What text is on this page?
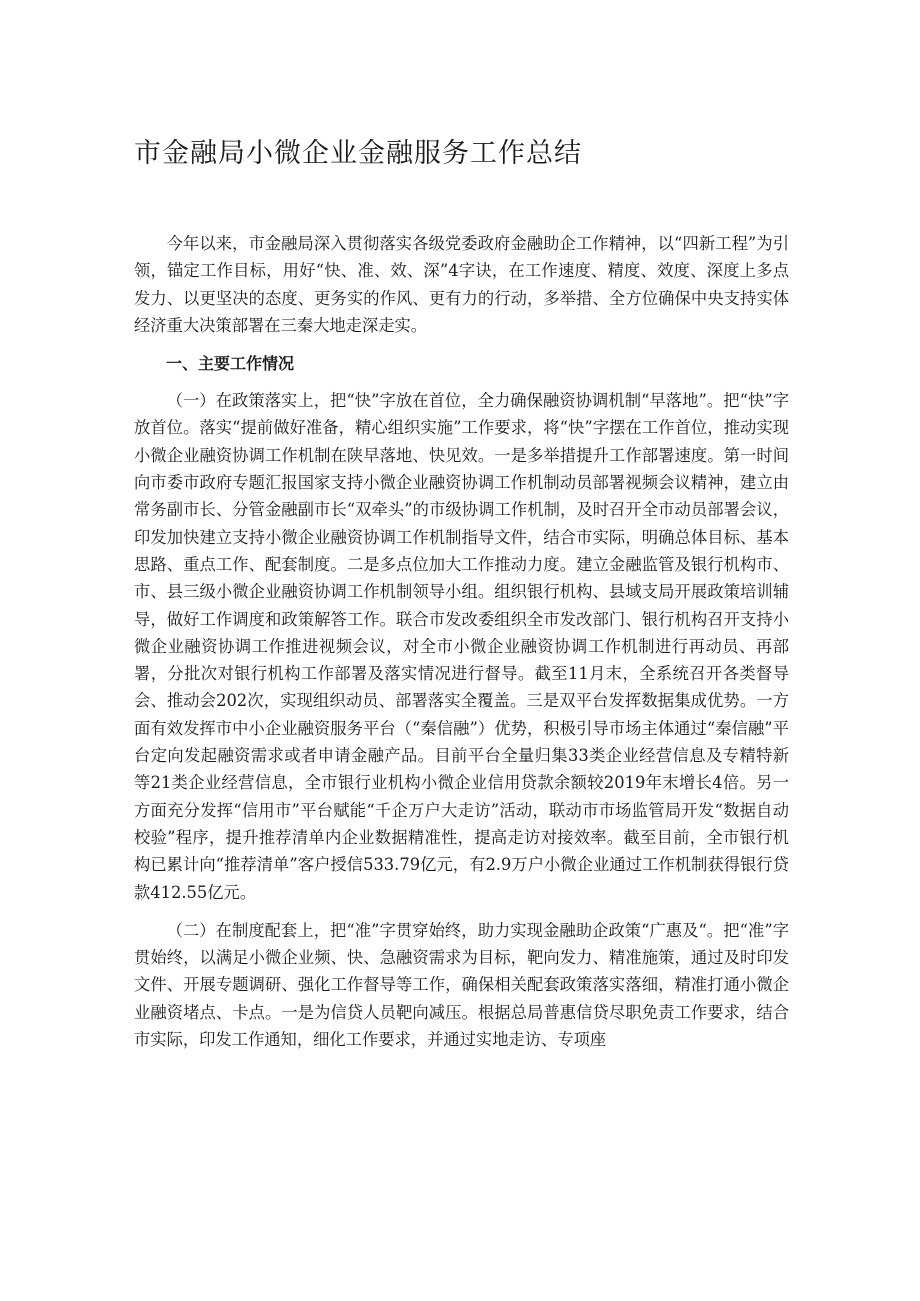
市金融局小微企业金融服务工作总结

今年以来，市金融局深入贯彻落实各级党委政府金融助企工作精神，以“四新工程”为引领，锚定工作目标，用好“快、准、效、深”4字诀，在工作速度、精度、效度、深度上多点发力、以更坚决的态度、更务实的作风、更有力的行动，多举措、全方位确保中央支持实体经济重大决策部署在三秦大地走深走实。

一、主要工作情况

（一）在政策落实上，把“快”字放在首位，全力确保融资协调机制“早落地”。把“快”字放首位。落实“提前做好准备，精心组织实施”工作要求，将“快”字摆在工作首位，推动实现小微企业融资协调工作机制在陕早落地、快见效。一是多举措提升工作部署速度。第一时间向市委市政府专题汇报国家支持小微企业融资协调工作机制动员部署视频会议精神，建立由常务副市长、分管金融副市长“双牵头”的市级协调工作机制，及时召开全市动员部署会议，印发加快建立支持小微企业融资协调工作机制指导文件，结合市实际，明确总体目标、基本思路、重点工作、配套制度。二是多点位加大工作推动力度。建立金融监管及银行机构市、市、县三级小微企业融资协调工作机制领导小组。组织银行机构、县域支局开展政策培训辅导，做好工作调度和政策解答工作。联合市发改委组织全市发改部门、银行机构召开支持小微企业融资协调工作推进视频会议，对全市小微企业融资协调工作机制进行再动员、再部署，分批次对银行机构工作部署及落实情况进行督导。截至11月末，全系统召开各类督导会、推动会202次，实现组织动员、部署落实全覆盖。三是双平台发挥数据集成优势。一方面有效发挥市中小企业融资服务平台（“秦信融”）优势，积极引导市场主体通过“秦信融”平台定向发起融资需求或者申请金融产品。目前平台全量归集33类企业经营信息及专精特新等21类企业经营信息，全市银行业机构小微企业信用贷款余额较2019年末增长4倍。另一方面充分发挥“信用市”平台赋能“千企万户大走访”活动，联动市市场监管局开发“数据自动校验”程序，提升推荐清单内企业数据精准性，提高走访对接效率。截至目前，全市银行机构已累计向“推荐清单”客户授信533.79亿元，有2.9万户小微企业通过工作机制获得银行贷款412.55亿元。

（二）在制度配套上，把“准”字贯穿始终，助力实现金融助企政策“广惠及“。把“准”字贯始终，以满足小微企业频、快、急融资需求为目标，靶向发力、精准施策，通过及时印发文件、开展专题调研、强化工作督导等工作，确保相关配套政策落实落细，精准打通小微企业融资堵点、卡点。一是为信贷人员靶向减压。根据总局普惠信贷尽职免责工作要求，结合市实际，印发工作通知，细化工作要求，并通过实地走访、专项座
